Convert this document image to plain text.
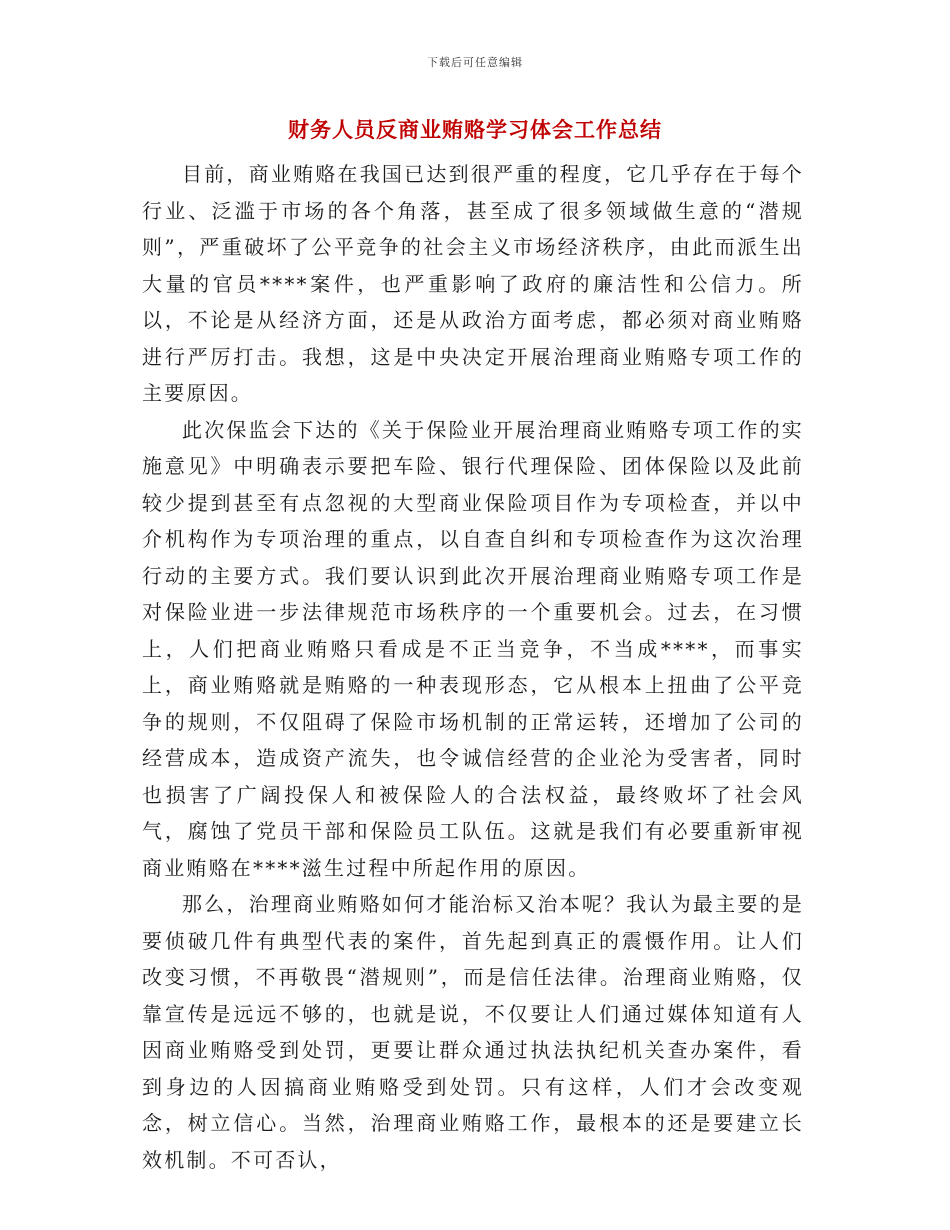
下载后可任意编辑
财务人员反商业贿赂学习体会工作总结

目前，商业贿赂在我国已达到很严重的程度，它几乎存在于每个行业、泛滥于市场的各个角落，甚至成了很多领域做生意的“潜规则”，严重破坏了公平竞争的社会主义市场经济秩序，由此而派生出大量的官员****案件，也严重影响了政府的廉洁性和公信力。所以，不论是从经济方面，还是从政治方面考虑，都必须对商业贿赂进行严厉打击。我想，这是中央决定开展治理商业贿赂专项工作的主要原因。

此次保监会下达的《关于保险业开展治理商业贿赂专项工作的实施意见》中明确表示要把车险、银行代理保险、团体保险以及此前较少提到甚至有点忽视的大型商业保险项目作为专项检查，并以中介机构作为专项治理的重点，以自查自纠和专项检查作为这次治理行动的主要方式。我们要认识到此次开展治理商业贿赂专项工作是对保险业进一步法律规范市场秩序的一个重要机会。过去，在习惯上，人们把商业贿赂只看成是不正当竞争，不当成****，而事实上，商业贿赂就是贿赂的一种表现形态，它从根本上扭曲了公平竞争的规则，不仅阻碍了保险市场机制的正常运转，还增加了公司的经营成本，造成资产流失，也令诚信经营的企业沦为受害者，同时也损害了广阔投保人和被保险人的合法权益，最终败坏了社会风气，腐蚀了党员干部和保险员工队伍。这就是我们有必要重新审视商业贿赂在****滋生过程中所起作用的原因。

那么，治理商业贿赂如何才能治标又治本呢？我认为最主要的是要侦破几件有典型代表的案件，首先起到真正的震慑作用。让人们改变习惯，不再敬畏“潜规则”，而是信任法律。治理商业贿赂，仅靠宣传是远远不够的，也就是说，不仅要让人们通过媒体知道有人因商业贿赂受到处罚，更要让群众通过执法执纪机关查办案件，看到身边的人因搞商业贿赂受到处罚。只有这样，人们才会改变观念，树立信心。当然，治理商业贿赂工作，最根本的还是要建立长效机制。不可否认，
